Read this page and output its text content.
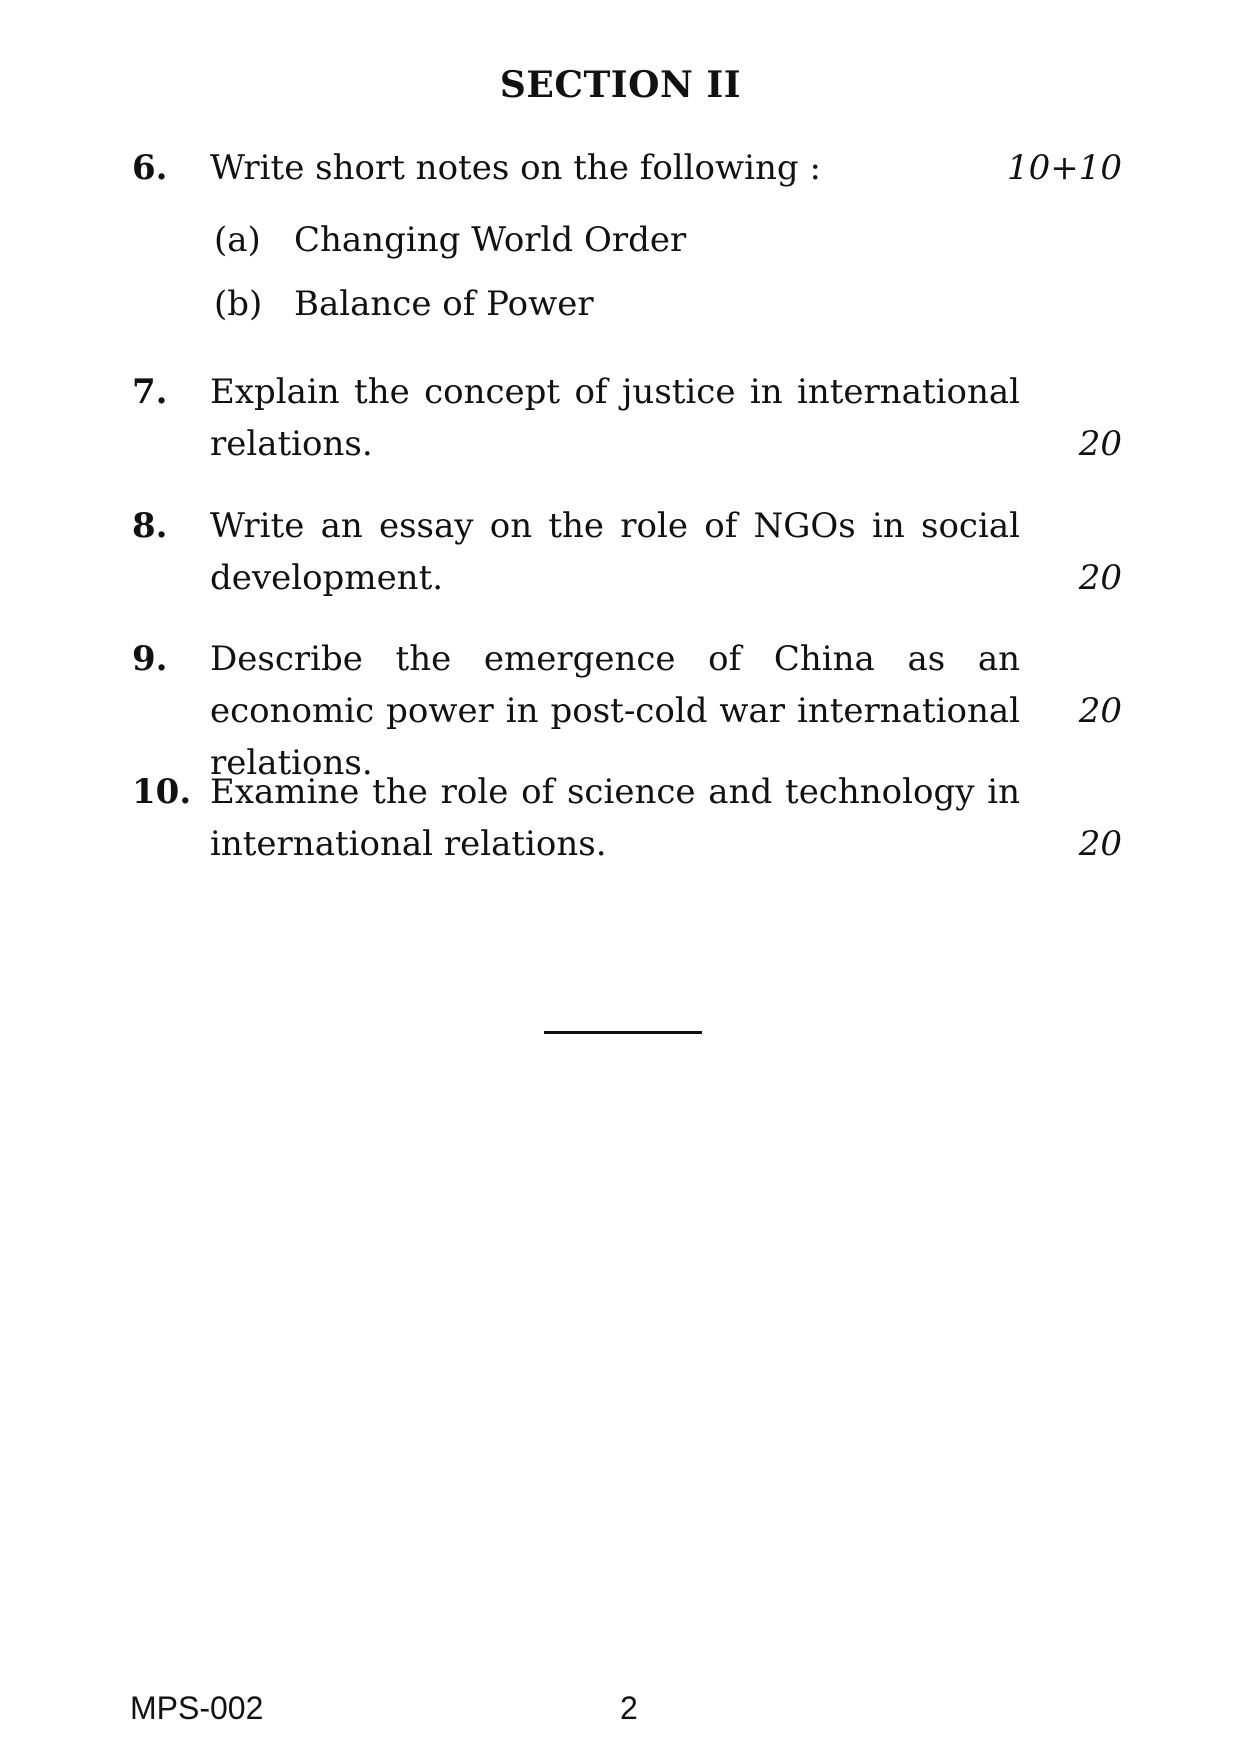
SECTION II
6. Write short notes on the following :	10+10
(a) Changing World Order
(b) Balance of Power
7. Explain the concept of justice in international relations.	20
8. Write an essay on the role of NGOs in social development.	20
9. Describe the emergence of China as an economic power in post-cold war international relations.
20
10. Examine the role of science and technology in international relations.	20
MPS-002	2
